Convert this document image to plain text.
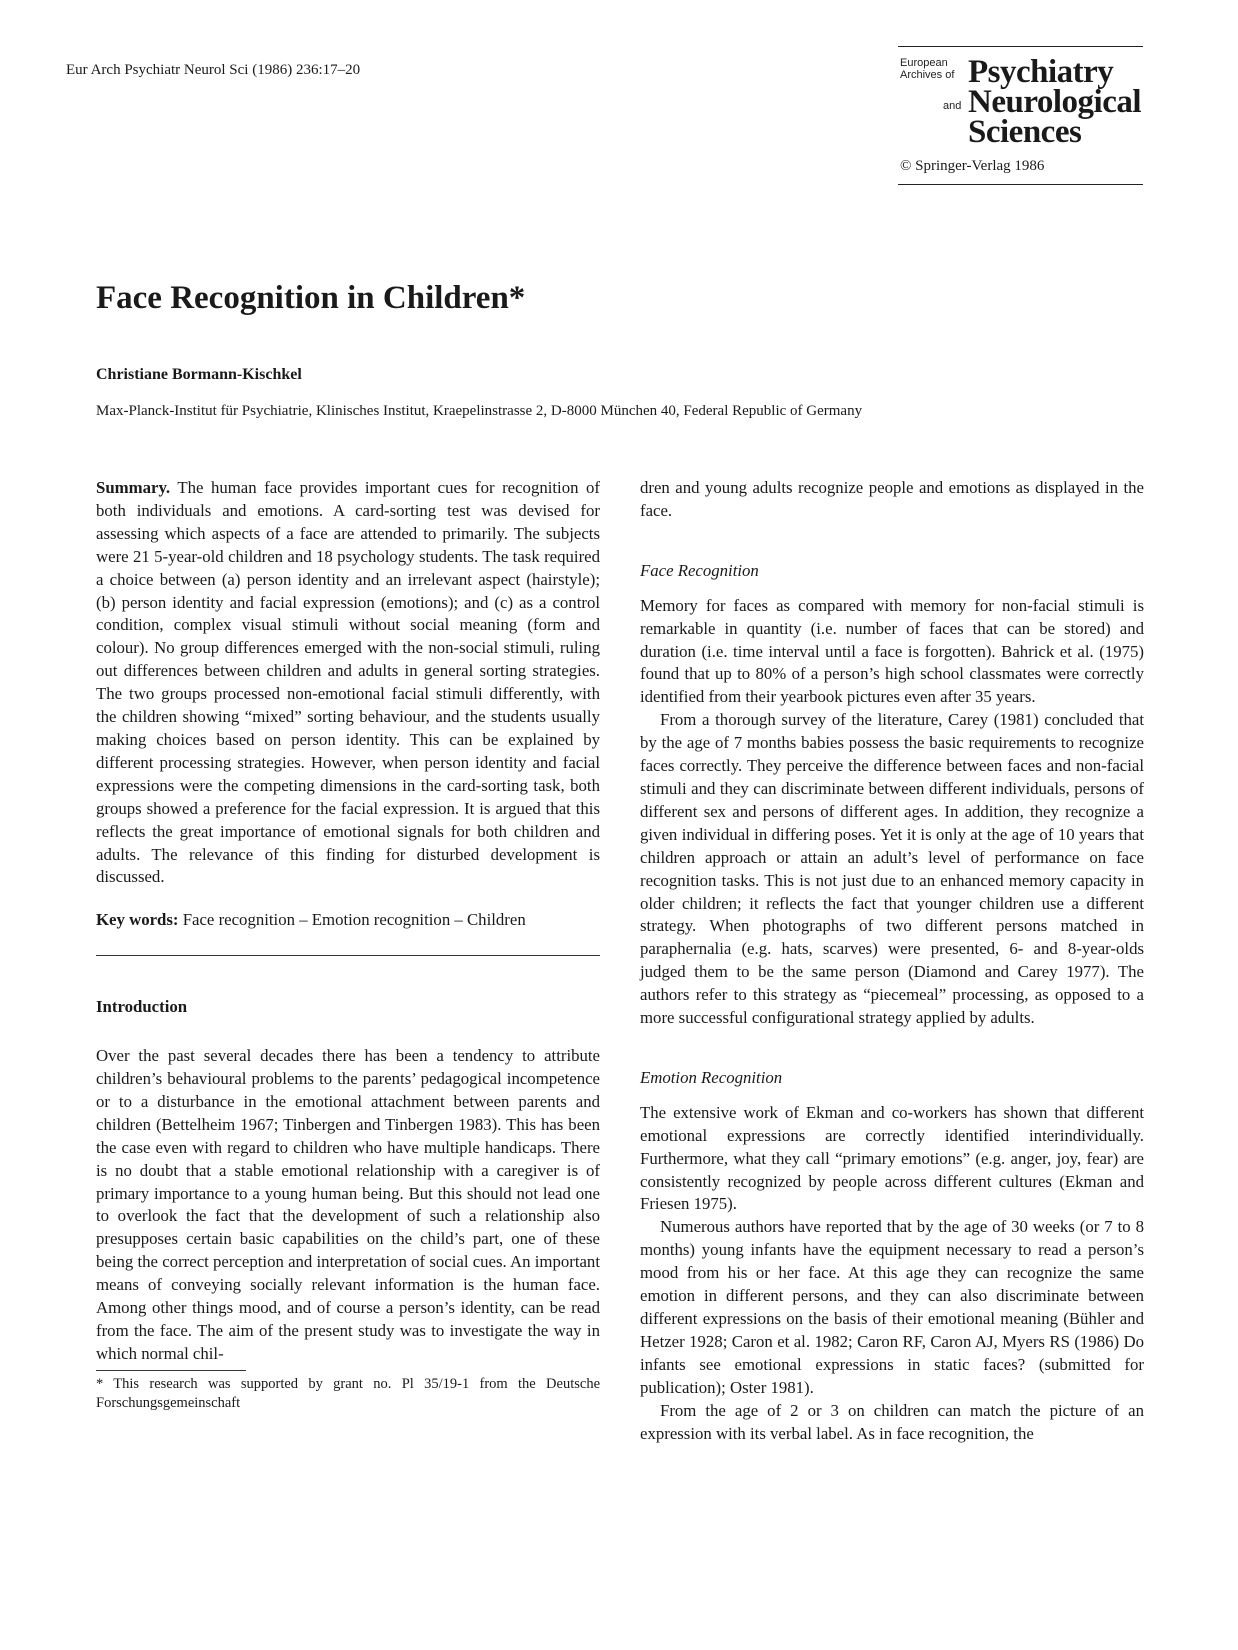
Eur Arch Psychiatr Neurol Sci (1986) 236:17–20	European
Archives of Psychiatry
and Neurological
Sciences
© Springer-Verlag 1986
Face Recognition in Children*
Christiane Bormann-Kischkel
Max-Planck-Institut für Psychiatrie, Klinisches Institut, Kraepelinstrasse 2, D-8000 München 40, Federal Republic of Germany

Summary. The human face provides important cues for recognition of both individuals and emotions. A card-sorting test was devised for assessing which aspects of a face are attended to primarily. The subjects were 21 5-year-old children and 18 psychology students. The task required a choice between (a) person identity and an irrelevant aspect (hairstyle); (b) person identity and facial expression (emotions); and (c) as a control condition, complex visual stimuli without social meaning (form and colour). No group differences emerged with the non-social stimuli, ruling out differences between children and adults in general sorting strategies. The two groups processed non-emotional facial stimuli differently, with the children showing “mixed” sorting behaviour, and the students usually making choices based on person identity. This can be explained by different processing strategies. However, when person identity and facial expressions were the competing dimensions in the card-sorting task, both groups showed a preference for the facial expression. It is argued that this reflects the great importance of emotional signals for both children and adults. The relevance of this finding for disturbed development is discussed.

Key words: Face recognition – Emotion recognition – Children

Introduction

Over the past several decades there has been a tendency to attribute children’s behavioural problems to the parents’ pedagogical incompetence or to a disturbance in the emotional attachment between parents and children (Bettelheim 1967; Tinbergen and Tinbergen 1983). This has been the case even with regard to children who have multiple handicaps. There is no doubt that a stable emotional relationship with a caregiver is of primary importance to a young human being. But this should not lead one to overlook the fact that the development of such a relationship also presupposes certain basic capabilities on the child’s part, one of these being the correct perception and interpretation of social cues. An important means of conveying socially relevant information is the human face. Among other things mood, and of course a person’s identity, can be read from the face. The aim of the present study was to investigate the way in which normal chil-

* This research was supported by grant no. Pl 35/19-1 from the Deutsche Forschungsgemeinschaft

dren and young adults recognize people and emotions as displayed in the face.

Face Recognition

Memory for faces as compared with memory for non-facial stimuli is remarkable in quantity (i.e. number of faces that can be stored) and duration (i.e. time interval until a face is forgotten). Bahrick et al. (1975) found that up to 80% of a person’s high school classmates were correctly identified from their yearbook pictures even after 35 years.

From a thorough survey of the literature, Carey (1981) concluded that by the age of 7 months babies possess the basic requirements to recognize faces correctly. They perceive the difference between faces and non-facial stimuli and they can discriminate between different individuals, persons of different sex and persons of different ages. In addition, they recognize a given individual in differing poses. Yet it is only at the age of 10 years that children approach or attain an adult’s level of performance on face recognition tasks. This is not just due to an enhanced memory capacity in older children; it reflects the fact that younger children use a different strategy. When photographs of two different persons matched in paraphernalia (e.g. hats, scarves) were presented, 6- and 8-year-olds judged them to be the same person (Diamond and Carey 1977). The authors refer to this strategy as “piecemeal” processing, as opposed to a more successful configurational strategy applied by adults.

Emotion Recognition

The extensive work of Ekman and co-workers has shown that different emotional expressions are correctly identified interindividually. Furthermore, what they call “primary emotions” (e.g. anger, joy, fear) are consistently recognized by people across different cultures (Ekman and Friesen 1975).

Numerous authors have reported that by the age of 30 weeks (or 7 to 8 months) young infants have the equipment necessary to read a person’s mood from his or her face. At this age they can recognize the same emotion in different persons, and they can also discriminate between different expressions on the basis of their emotional meaning (Bühler and Hetzer 1928; Caron et al. 1982; Caron RF, Caron AJ, Myers RS (1986) Do infants see emotional expressions in static faces? (submitted for publication); Oster 1981).

From the age of 2 or 3 on children can match the picture of an expression with its verbal label. As in face recognition, the
